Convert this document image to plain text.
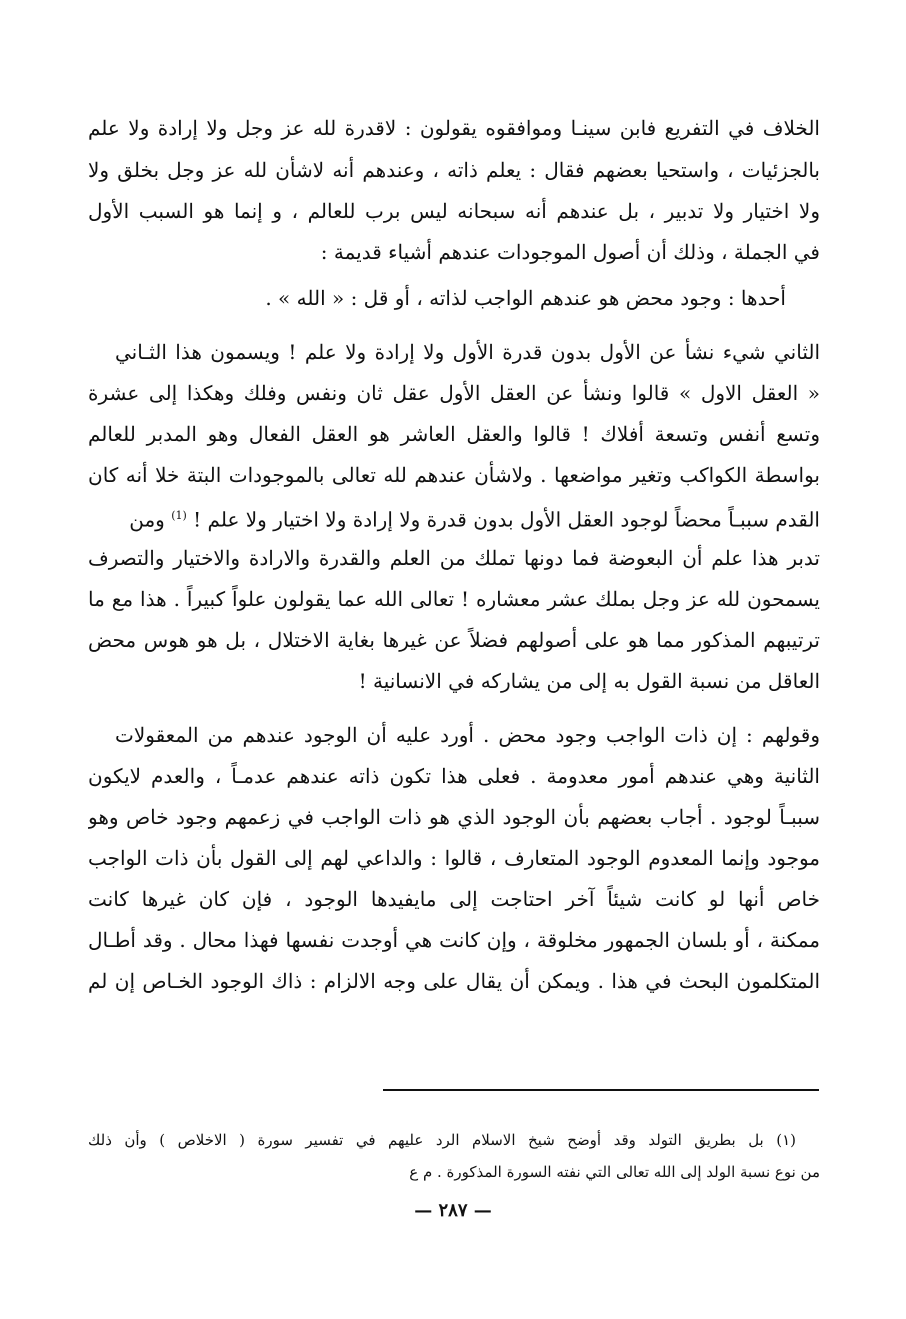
الخلاف في التفريع فابن سينـا وموافقوه يقولون : لاقدرة لله عز وجل ولا إرادة ولا علم
بالجزئيات ، واستحيا بعضهم فقال : يعلم ذاته ، وعندهم أنه لاشأن لله عز وجل بخلق ولا
ولا اختيار ولا تدبير ، بل عندهم أنه سبحانه ليس برب للعالم ، و إنما هو السبب الأول
في الجملة ، وذلك أن أصول الموجودات عندهم أشياء قديمة :
أحدها : وجود محض هو عندهم الواجب لذاته ، أو قل : « الله » .
الثاني شيء نشأ عن الأول بدون قدرة الأول ولا إرادة ولا علم ! ويسمون هذا الثـاني
« العقل الاول » قالوا ونشأ عن العقل الأول عقل ثان ونفس وفلك وهكذا إلى عشرة
وتسع أنفس وتسعة أفلاك ! قالوا والعقل العاشر هو العقل الفعال وهو المدبر للعالم
بواسطة الكواكب وتغير مواضعها . ولاشأن عندهم لله تعالى بالموجودات البتة خلا أنه كان
القدم سببـاً محضاً لوجود العقل الأول بدون قدرة ولا إرادة ولا اختيار ولا علم ! $^{(1)}$ ومن
تدبر هذا علم أن البعوضة فما دونها تملك من العلم والقدرة والارادة والاختيار والتصرف
يسمحون لله عز وجل بملك عشر معشاره ! تعالى الله عما يقولون علواً كبيراً . هذا مع ما
ترتيبهم المذكور مما هو على أصولهم فضلاً عن غيرها بغاية الاختلال ، بل هو هوس محض
العاقل من نسبة القول به إلى من يشاركه في الانسانية !
وقولهم : إن ذات الواجب وجود محض . أورد عليه أن الوجود عندهم من المعقولات
الثانية وهي عندهم أمور معدومة . فعلى هذا تكون ذاته عندهم عدمـاً ، والعدم لايكون
سببـاً لوجود . أجاب بعضهم بأن الوجود الذي هو ذات الواجب في زعمهم وجود خاص وهو
موجود وإنما المعدوم الوجود المتعارف ، قالوا : والداعي لهم إلى القول بأن ذات الواجب
خاص أنها لو كانت شيئاً آخر احتاجت إلى مايفيدها الوجود ، فإن كان غيرها كانت
ممكنة ، أو بلسان الجمهور مخلوقة ، وإن كانت هي أوجدت نفسها فهذا محال . وقد أطـال
المتكلمون البحث في هذا . ويمكن أن يقال على وجه الالزام : ذاك الوجود الخـاص إن لم
(١) بل بطريق التولد وقد أوضح شيخ الاسلام الرد عليهم في تفسير سورة ( الاخلاص ) وأن ذلك
من نوع نسبة الولد إلى الله تعالى التي نفته السورة المذكورة . م ع
— ٢٨٧ —
